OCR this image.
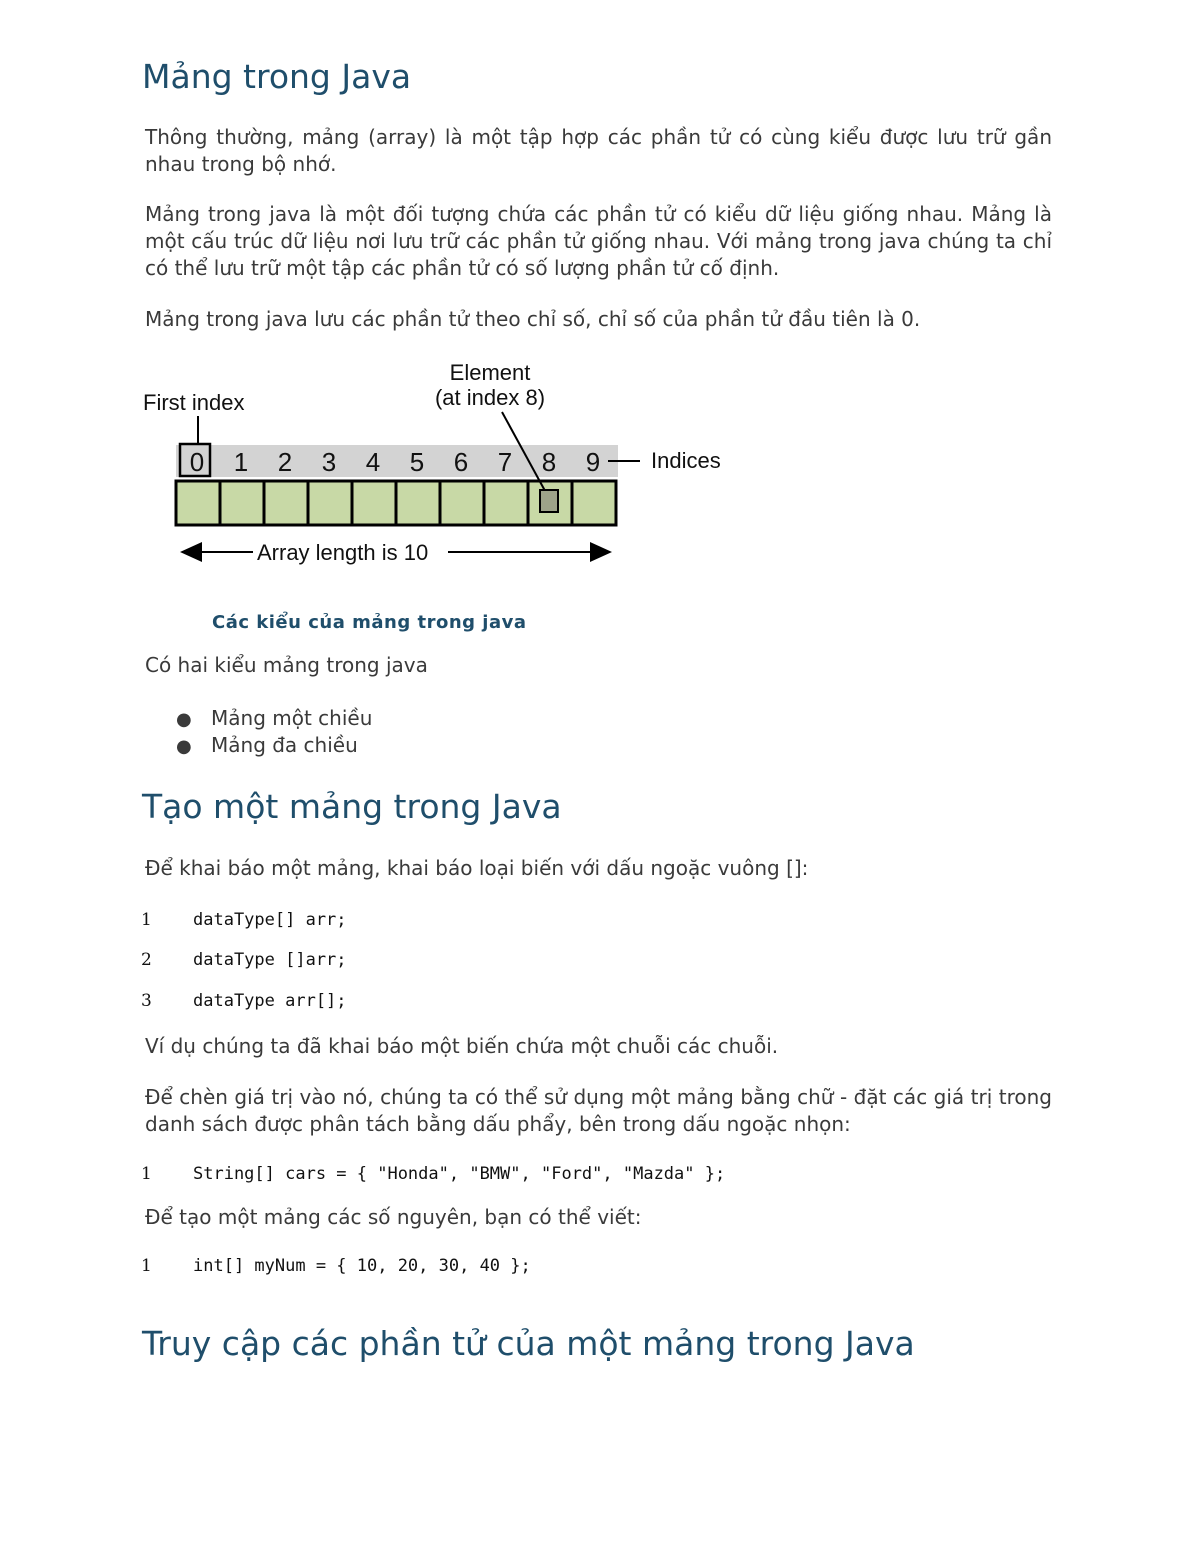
Mảng trong Java

Thông thường, mảng (array) là một tập hợp các phần tử có cùng kiểu được lưu trữ gần nhau trong bộ nhớ.

Mảng trong java là một đối tượng chứa các phần tử có kiểu dữ liệu giống nhau. Mảng là một cấu trúc dữ liệu nơi lưu trữ các phần tử giống nhau. Với mảng trong java chúng ta chỉ có thể lưu trữ một tập các phần tử có số lượng phần tử cố định.

Mảng trong java lưu các phần tử theo chỉ số, chỉ số của phần tử đầu tiên là 0.

First index
Element
(at index 8)
0 1 2 3 4 5 6 7 8 9 Indices
Array length is 10

Các kiểu của mảng trong java

Có hai kiểu mảng trong java

● Mảng một chiều
● Mảng đa chiều
Tạo một mảng trong Java

Để khai báo một mảng, khai báo loại biến với dấu ngoặc vuông []:

1	dataType[] arr;
2	dataType []arr;
3	dataType arr[];

Ví dụ chúng ta đã khai báo một biến chứa một chuỗi các chuỗi.

Để chèn giá trị vào nó, chúng ta có thể sử dụng một mảng bằng chữ - đặt các giá trị trong danh sách được phân tách bằng dấu phẩy, bên trong dấu ngoặc nhọn:

1	String[] cars = { "Honda", "BMW", "Ford", "Mazda" };

Để tạo một mảng các số nguyên, bạn có thể viết:

1	int[] myNum = { 10, 20, 30, 40 };
Truy cập các phần tử của một mảng trong Java
